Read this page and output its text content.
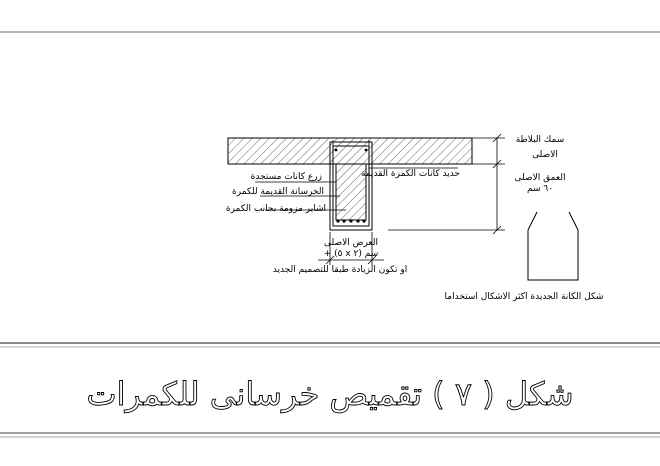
سمك البلاطة
الاصلى
العمق الاصلى
٦٠ سم
حديد كانات الكمرة القديمة
زرع كانات مستجدة
الخرسانة القديمة للكمرة
اشاير مزومة بجانب الكمرة
العرض الاصلى
+ (٥ x ٢) سم
او تكون الزيادة طبقا للتصميم الجديد
شكل الكانة الجديدة اكثر الاشكال استخداما
شكل ( ٧ ) تقميص خرسانى للكمرات
